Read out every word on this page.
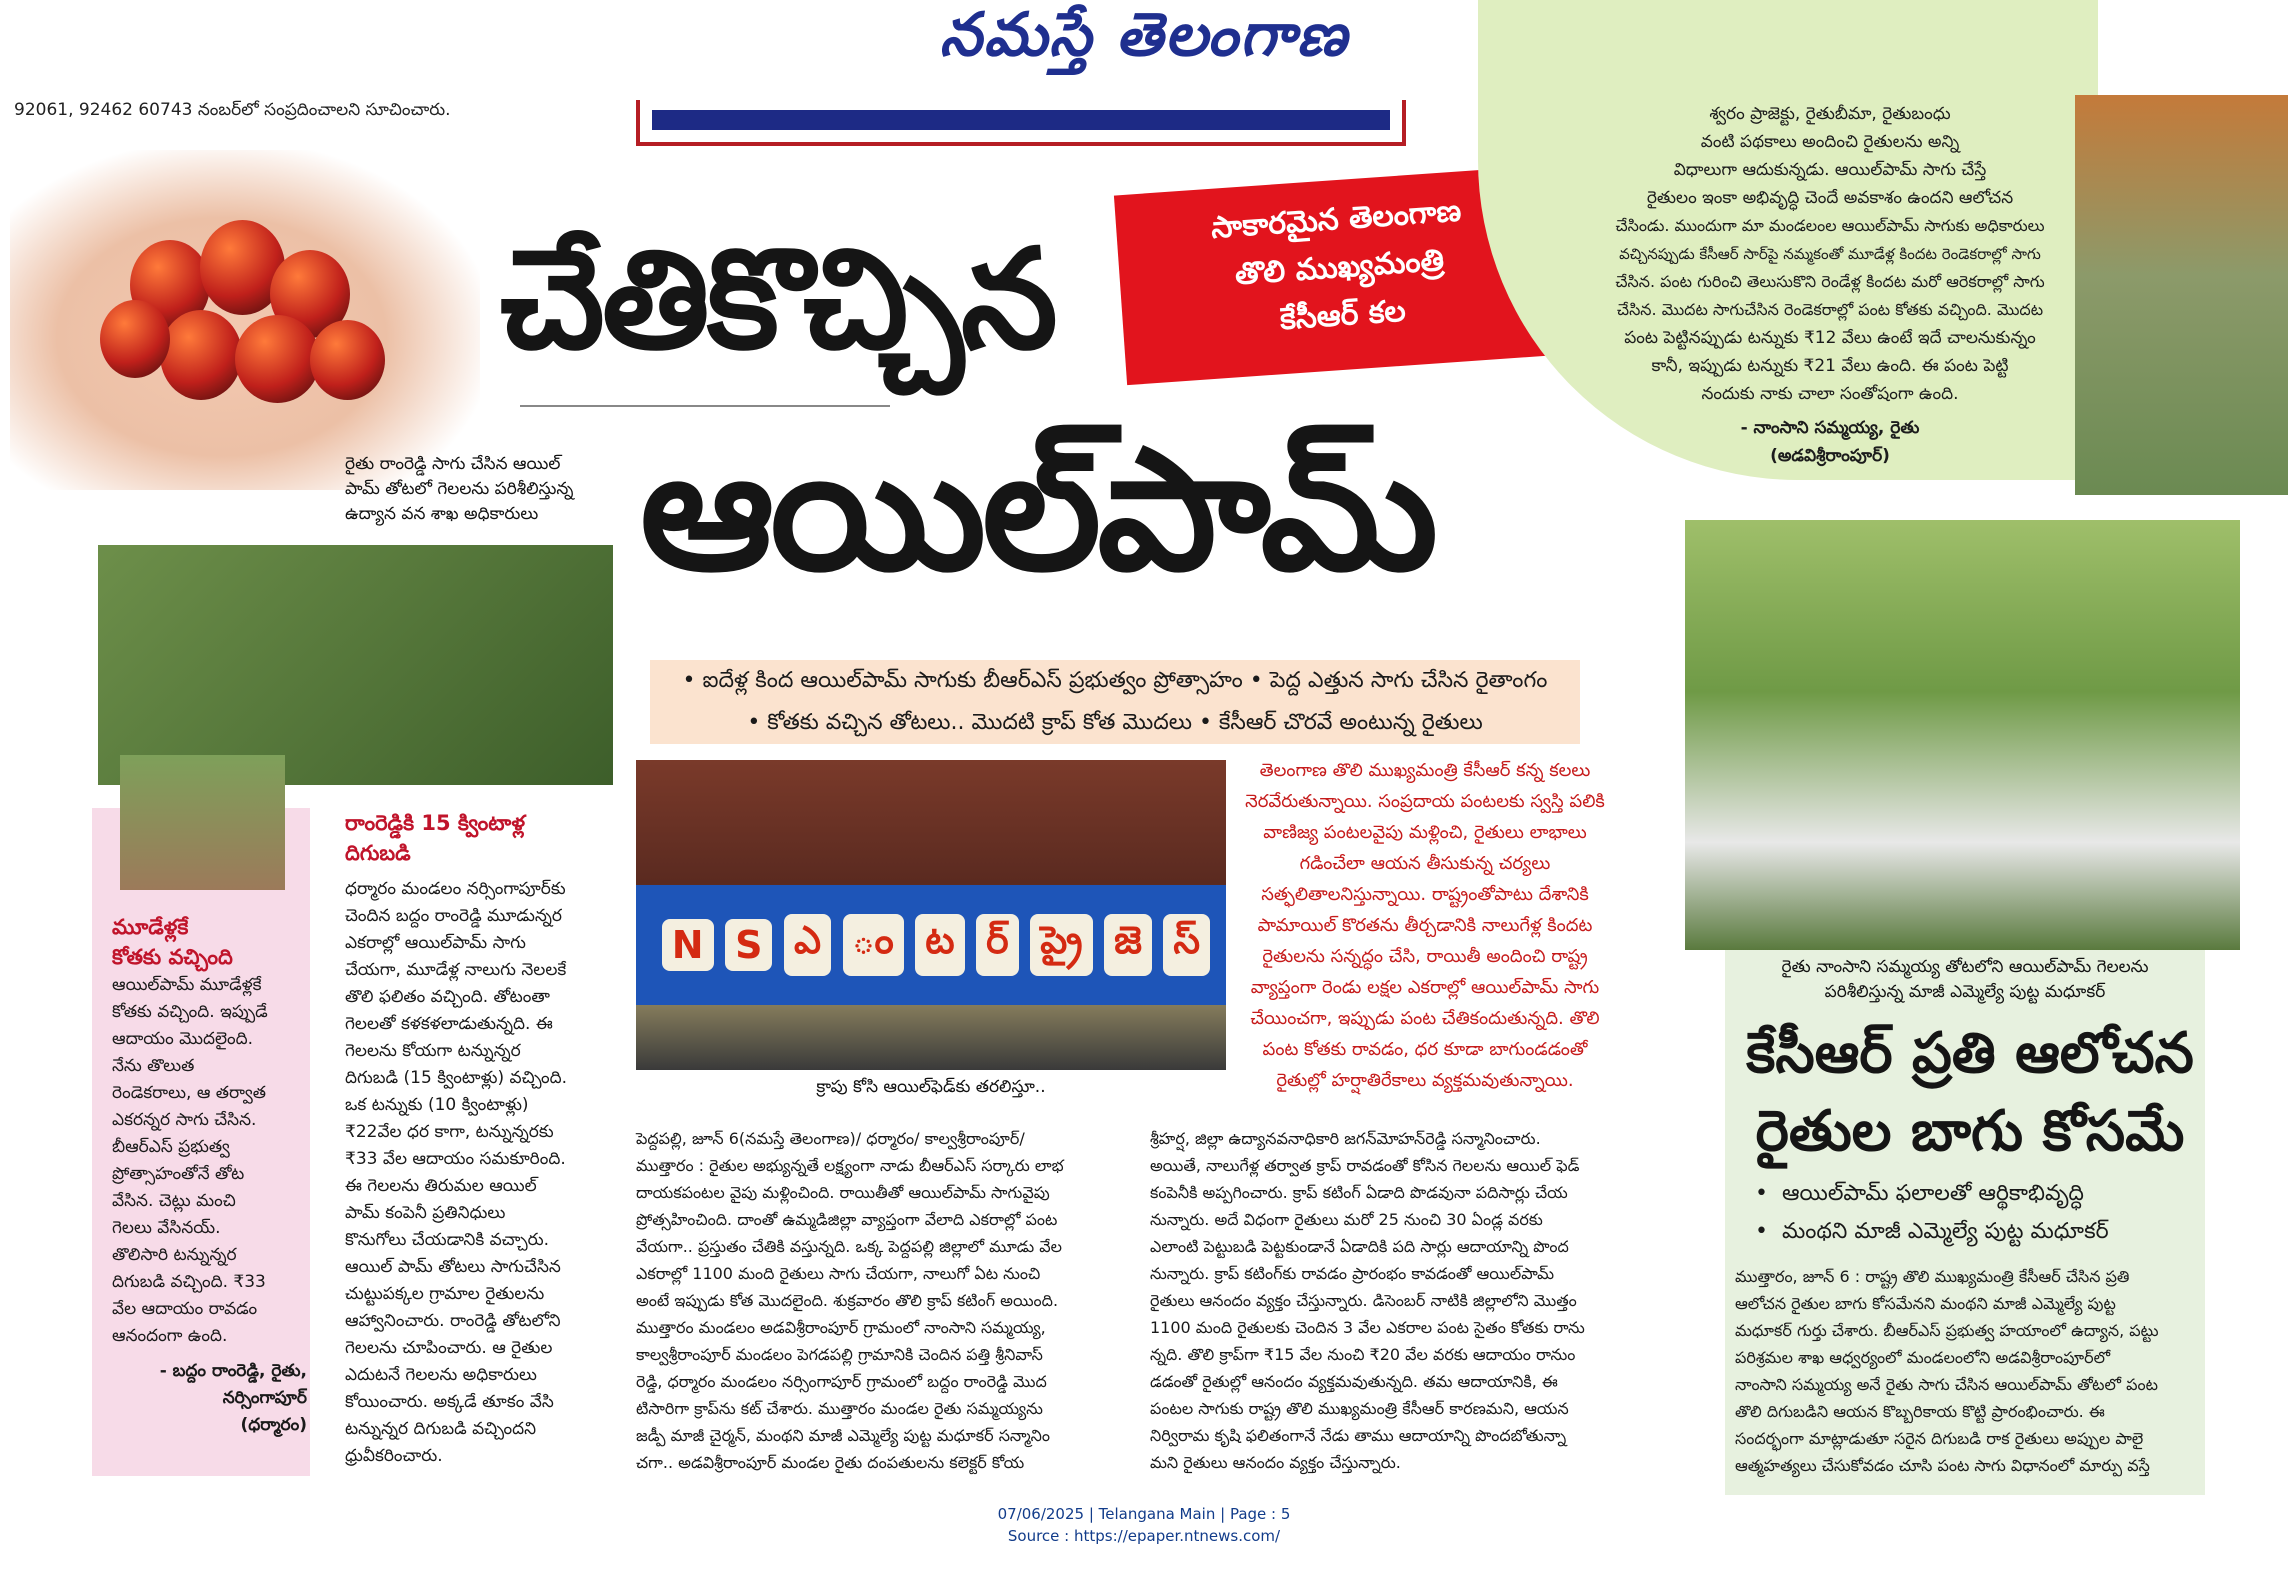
నమస్తే తెలంగాణ
92061, 92462 60743 నంబర్‌లో సంప్రదించాలని సూచించారు.
చేతికొచ్చిన
ఆయిల్‌పామ్
సాకారమైన తెలంగాణ
తొలి ముఖ్యమంత్రి
కేసీఆర్ కల
శ్వరం ప్రాజెక్టు, రైతుబీమా, రైతుబంధు
వంటి పథకాలు అందించి రైతులను అన్ని
విధాలుగా ఆదుకున్నడు. ఆయిల్‌పామ్ సాగు చేస్తే
రైతులం ఇంకా అభివృద్ధి చెందే అవకాశం ఉందని ఆలోచన
చేసిండు. ముందుగా మా మండలంల ఆయిల్‌పామ్ సాగుకు అధికారులు
వచ్చినప్పుడు కేసీఆర్ సార్‌పై నమ్మకంతో మూడేళ్ల కిందట రెండెకరాల్లో సాగు
చేసిన. పంట గురించి తెలుసుకొని రెండేళ్ల కిందట మరో ఆరెకరాల్లో సాగు
చేసిన. మొదట సాగుచేసిన రెండెకరాల్లో పంట కోతకు వచ్చింది. మొదట
పంట పెట్టినప్పుడు టన్నుకు ₹12 వేలు ఉంటే ఇదే చాలనుకున్నం
కానీ, ఇప్పుడు టన్నుకు ₹21 వేలు ఉంది. ఈ పంట పెట్టి
నందుకు నాకు చాలా సంతోషంగా ఉంది.
- నాంసాని సమ్మయ్య, రైతు
(అడవిశ్రీరాంపూర్)
రైతు రాంరెడ్డి సాగు చేసిన ఆయిల్
పామ్ తోటలో గెలలను పరిశీలిస్తున్న
ఉద్యాన వన శాఖ అధికారులు
మూడేళ్లకే
కోతకు వచ్చింది
ఆయిల్‌పామ్ మూడేళ్లకే
కోతకు వచ్చింది. ఇప్పుడే
ఆదాయం మొదలైంది.
నేను తొలుత
రెండెకరాలు, ఆ తర్వాత
ఎకరన్నర సాగు చేసిన.
బీఆర్‌ఎస్ ప్రభుత్వ
ప్రోత్సాహంతోనే తోట
వేసిన. చెట్లు మంచి
గెలలు వేసినయ్.
తొలిసారి టన్నున్నర
దిగుబడి వచ్చింది. ₹33
వేల ఆదాయం రావడం
ఆనందంగా ఉంది.
- బద్దం రాంరెడ్డి, రైతు,
నర్సింగాపూర్
(ధర్మారం)
రాంరెడ్డికి 15 క్వింటాళ్ల
దిగుబడి
ధర్మారం మండలం నర్సింగాపూర్‌కు
చెందిన బద్దం రాంరెడ్డి మూడున్నర
ఎకరాల్లో ఆయిల్‌పామ్ సాగు
చేయగా, మూడేళ్ల నాలుగు నెలలకే
తొలి ఫలితం వచ్చింది. తోటంతా
గెలలతో కళకళలాడుతున్నది. ఈ
గెలలను కోయగా టన్నున్నర
దిగుబడి (15 క్వింటాళ్లు) వచ్చింది.
ఒక టన్నుకు (10 క్వింటాళ్లు)
₹22వేల ధర కాగా, టన్నున్నరకు
₹33 వేల ఆదాయం సమకూరింది.
ఈ గెలలను తిరుమల ఆయిల్
పామ్ కంపెనీ ప్రతినిధులు
కొనుగోలు చేయడానికి వచ్చారు.
ఆయిల్ పామ్ తోటలు సాగుచేసిన
చుట్టుపక్కల గ్రామాల రైతులను
ఆహ్వానించారు. రాంరెడ్డి తోటలోని
గెలలను చూపించారు. ఆ రైతుల
ఎదుటనే గెలలను అధికారులు
కోయించారు. అక్కడే తూకం వేసి
టన్నున్నర దిగుబడి వచ్చిందని
ధ్రువీకరించారు.
• ఐదేళ్ల కింద ఆయిల్‌పామ్ సాగుకు బీఆర్‌ఎస్ ప్రభుత్వం ప్రోత్సాహం • పెద్ద ఎత్తున సాగు చేసిన రైతాంగం
• కోతకు వచ్చిన తోటలు.. మొదటి క్రాప్ కోత మొదలు • కేసీఆర్ చొరవే అంటున్న రైతులు
N S ఎ ం ట ర్ ప్రై జె స్
క్రాపు కోసి ఆయిల్‌ఫెడ్‌కు తరలిస్తూ..
తెలంగాణ తొలి ముఖ్యమంత్రి కేసీఆర్ కన్న కలలు
నెరవేరుతున్నాయి. సంప్రదాయ పంటలకు స్వస్తి పలికి
వాణిజ్య పంటలవైపు మళ్లించి, రైతులు లాభాలు
గడించేలా ఆయన తీసుకున్న చర్యలు
సత్ఫలితాలనిస్తున్నాయి. రాష్ట్రంతోపాటు దేశానికి
పామాయిల్ కొరతను తీర్చడానికి నాలుగేళ్ల కిందట
రైతులను సన్నద్ధం చేసి, రాయితీ అందించి రాష్ట్ర
వ్యాప్తంగా రెండు లక్షల ఎకరాల్లో ఆయిల్‌పామ్ సాగు
చేయించగా, ఇప్పుడు పంట చేతికందుతున్నది. తొలి
పంట కోతకు రావడం, ధర కూడా బాగుండడంతో
రైతుల్లో హర్షాతిరేకాలు వ్యక్తమవుతున్నాయి.
పెద్దపల్లి, జూన్ 6(నమస్తే తెలంగాణ)/ ధర్మారం/ కాల్వశ్రీరాంపూర్/
ముత్తారం : రైతుల అభ్యున్నతే లక్ష్యంగా నాడు బీఆర్‌ఎస్ సర్కారు లాభ
దాయకపంటల వైపు మళ్లించింది. రాయితీతో ఆయిల్‌పామ్ సాగువైపు
ప్రోత్సహించింది. దాంతో ఉమ్మడిజిల్లా వ్యాప్తంగా వేలాది ఎకరాల్లో పంట
వేయగా.. ప్రస్తుతం చేతికి వస్తున్నది. ఒక్క పెద్దపల్లి జిల్లాలో మూడు వేల
ఎకరాల్లో 1100 మంది రైతులు సాగు చేయగా, నాలుగో ఏట నుంచి
అంటే ఇప్పుడు కోత మొదలైంది. శుక్రవారం తొలి క్రాప్ కటింగ్ అయింది.
ముత్తారం మండలం అడవిశ్రీరాంపూర్ గ్రామంలో నాంసాని సమ్మయ్య,
కాల్వశ్రీరాంపూర్ మండలం పెగడపల్లి గ్రామానికి చెందిన పత్తి శ్రీనివాస్
రెడ్డి, ధర్మారం మండలం నర్సింగాపూర్ గ్రామంలో బద్దం రాంరెడ్డి మొద
టిసారిగా క్రాప్‌ను కట్ చేశారు. ముత్తారం మండల రైతు సమ్మయ్యను
జడ్పీ మాజీ చైర్మన్, మంథని మాజీ ఎమ్మెల్యే పుట్ట మధూకర్ సన్మానిం
చగా.. అడవిశ్రీరాంపూర్ మండల రైతు దంపతులను కలెక్టర్ కోయ
శ్రీహర్ష, జిల్లా ఉద్యానవనాధికారి జగన్‌మోహన్‌రెడ్డి సన్మానించారు.
అయితే, నాలుగేళ్ల తర్వాత క్రాప్ రావడంతో కోసిన గెలలను ఆయిల్ ఫెడ్
కంపెనీకి అప్పగించారు. క్రాప్ కటింగ్ ఏడాది పొడవునా పదిసార్లు చేయ
నున్నారు. అదే విధంగా రైతులు మరో 25 నుంచి 30 ఏండ్ల వరకు
ఎలాంటి పెట్టుబడి పెట్టకుండానే ఏడాదికి పది సార్లు ఆదాయాన్ని పొంద
నున్నారు. క్రాప్ కటింగ్‌కు రావడం ప్రారంభం కావడంతో ఆయిల్‌పామ్
రైతులు ఆనందం వ్యక్తం చేస్తున్నారు. డిసెంబర్ నాటికి జిల్లాలోని మొత్తం
1100 మంది రైతులకు చెందిన 3 వేల ఎకరాల పంట సైతం కోతకు రాను
న్నది. తొలి క్రాప్‌గా ₹15 వేల నుంచి ₹20 వేల వరకు ఆదాయం రానుం
డడంతో రైతుల్లో ఆనందం వ్యక్తమవుతున్నది. తమ ఆదాయానికి, ఈ
పంటల సాగుకు రాష్ట్ర తొలి ముఖ్యమంత్రి కేసీఆర్ కారణమని, ఆయన
నిర్విరామ కృషి ఫలితంగానే నేడు తాము ఆదాయాన్ని పొందబోతున్నా
మని రైతులు ఆనందం వ్యక్తం చేస్తున్నారు.
రైతు నాంసాని సమ్మయ్య తోటలోని ఆయిల్‌పామ్ గెలలను
పరిశీలిస్తున్న మాజీ ఎమ్మెల్యే పుట్ట మధూకర్
కేసీఆర్ ప్రతి ఆలోచన
రైతుల బాగు కోసమే
•  ఆయిల్‌పామ్ ఫలాలతో ఆర్థికాభివృద్ధి
•  మంథని మాజీ ఎమ్మెల్యే పుట్ట మధూకర్
ముత్తారం, జూన్ 6 : రాష్ట్ర తొలి ముఖ్యమంత్రి కేసీఆర్ చేసిన ప్రతి
ఆలోచన రైతుల బాగు కోసమేనని మంథని మాజీ ఎమ్మెల్యే పుట్ట
మధూకర్ గుర్తు చేశారు. బీఆర్‌ఎస్ ప్రభుత్వ హయాంలో ఉద్యాన, పట్టు
పరిశ్రమల శాఖ ఆధ్వర్యంలో మండలంలోని అడవిశ్రీరాంపూర్‌లో
నాంసాని సమ్మయ్య అనే రైతు సాగు చేసిన ఆయిల్‌పామ్ తోటలో పంట
తొలి దిగుబడిని ఆయన కొబ్బరికాయ కొట్టి ప్రారంభించారు. ఈ
సందర్భంగా మాట్లాడుతూ సరైన దిగుబడి రాక రైతులు అప్పుల పాలై
ఆత్మహత్యలు చేసుకోవడం చూసి పంట సాగు విధానంలో మార్పు వస్తే
07/06/2025 | Telangana Main | Page : 5
Source : https://epaper.ntnews.com/
